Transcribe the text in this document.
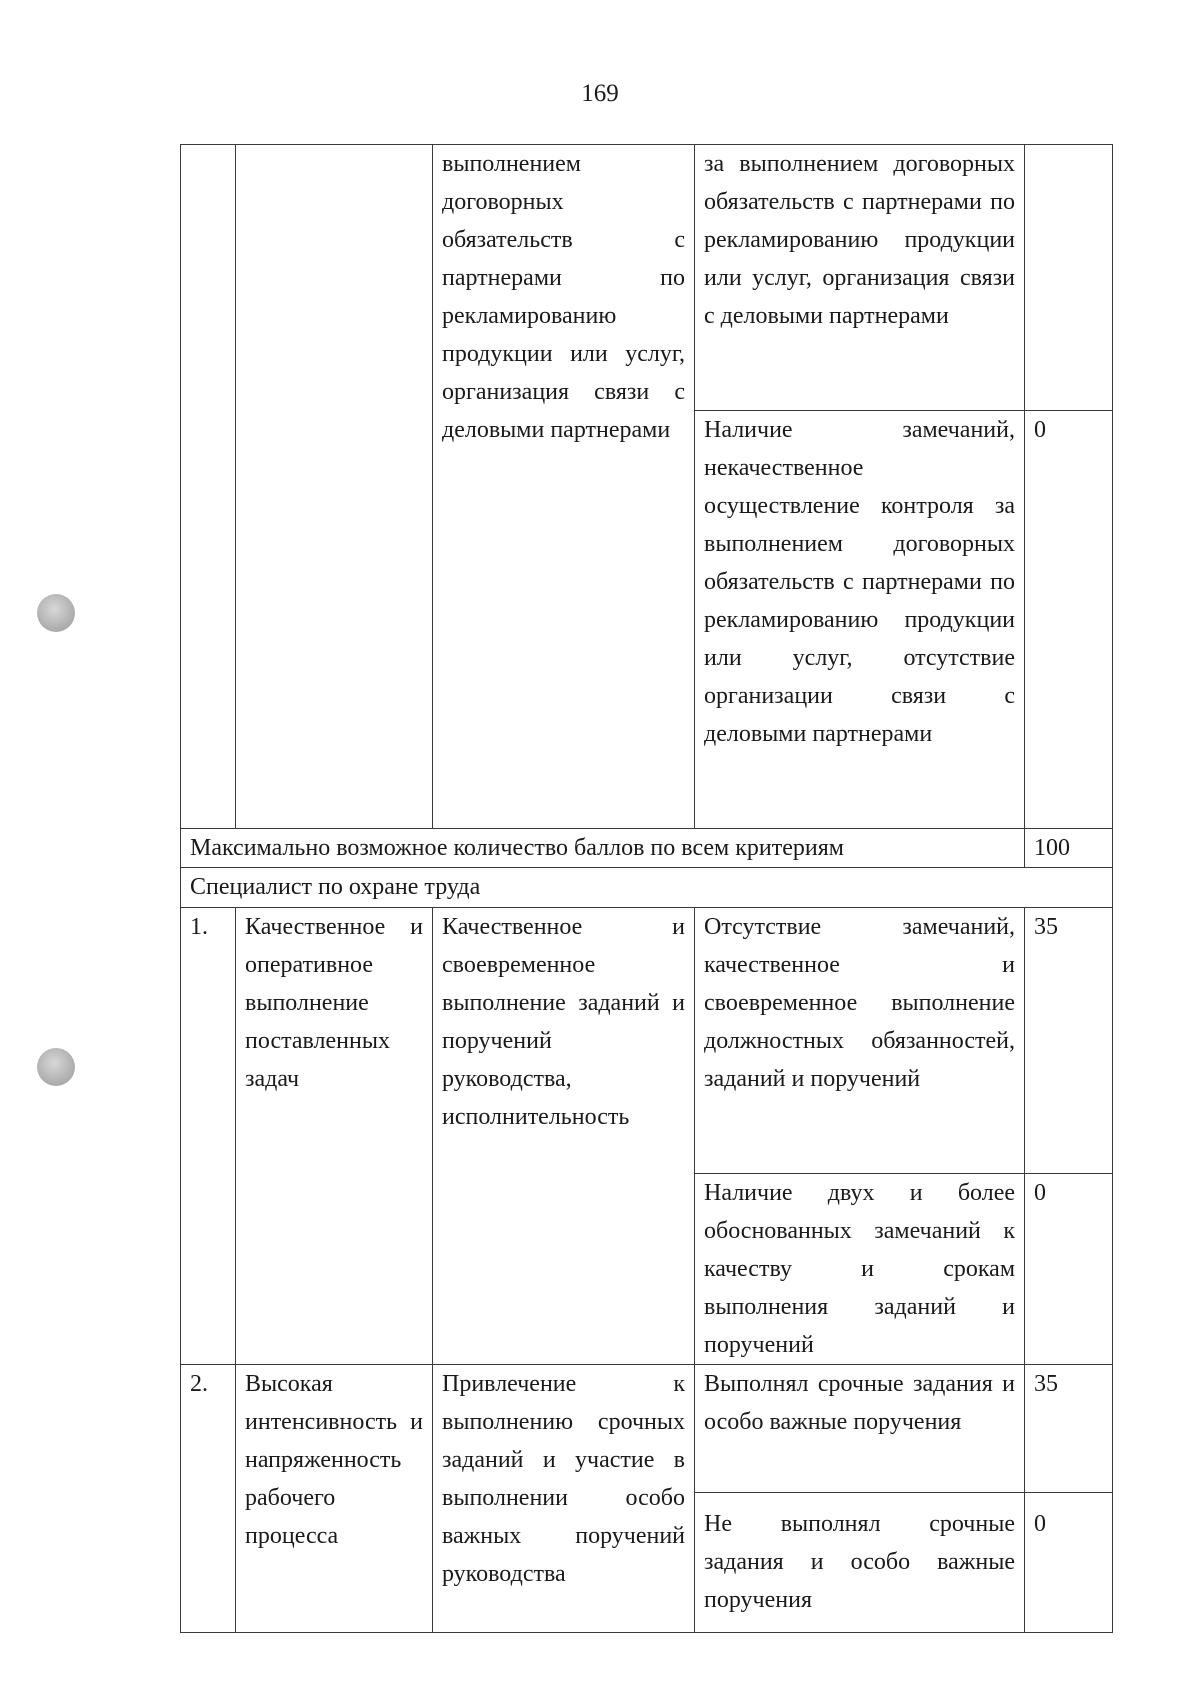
169
		выполнением договорных обязательств с партнерами по рекламированию продукции или услуг, организация связи с деловыми партнерами	за выполнением договорных обязательств с партнерами по рекламированию продукции или услуг, организация связи с деловыми партнерами	
			Наличие замечаний, некачественное осуществление контроля за выполнением договорных обязательств с партнерами по рекламированию продукции или услуг, отсутствие организации связи с деловыми партнерами	0
Максимально возможное количество баллов по всем критериям				100
Специалист по охране труда				
1.	Качественное и оперативное выполнение поставленных задач	Качественное и своевременное выполнение заданий и поручений руководства, исполнительность	Отсутствие замечаний, качественное и своевременное выполнение должностных обязанностей, заданий и поручений	35
			Наличие двух и более обоснованных замечаний к качеству и срокам выполнения заданий и поручений	0
2.	Высокая интенсивность и напряженность рабочего процесса	Привлечение к выполнению срочных заданий и участие в выполнении особо важных поручений руководства	Выполнял срочные задания и особо важные поручения	35
			Не выполнял срочные задания и особо важные поручения	0
